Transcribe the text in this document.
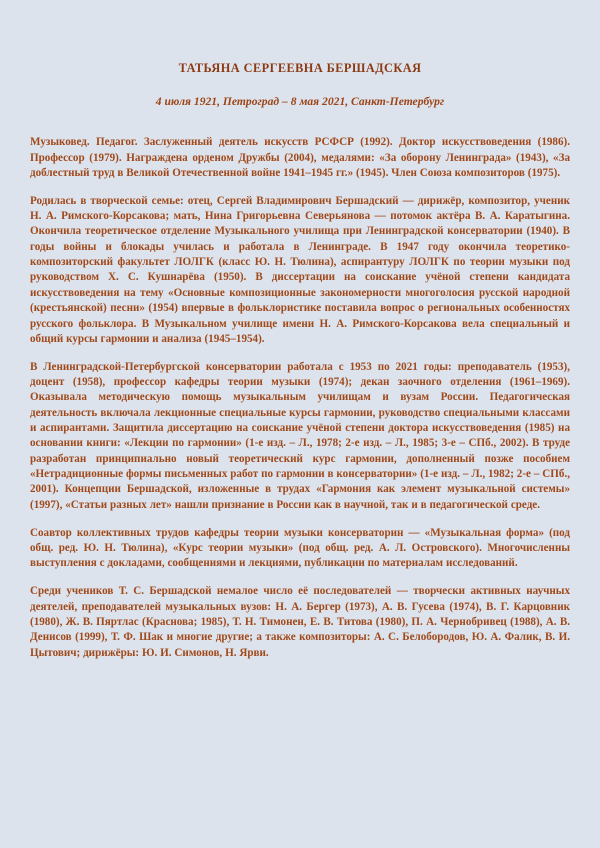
ТАТЬЯНА СЕРГЕЕВНА БЕРШАДСКАЯ
4 июля 1921, Петроград – 8 мая 2021, Санкт-Петербург

Музыковед. Педагог. Заслуженный деятель искусств РСФСР (1992). Доктор искусствоведения (1986). Профессор (1979). Награждена орденом Дружбы (2004), медалями: «За оборону Ленинграда» (1943), «За доблестный труд в Великой Отечественной войне 1941–1945 гг.» (1945). Член Союза композиторов (1975).

Родилась в творческой семье: отец, Сергей Владимирович Бершадский — дирижёр, композитор, ученик Н. А. Римского-Корсакова; мать, Нина Григорьевна Северьянова — потомок актёра В. А. Каратыгина. Окончила теоретическое отделение Музыкального училища при Ленинградской консерватории (1940). В годы войны и блокады училась и работала в Ленинграде. В 1947 году окончила теоретико-композиторский факультет ЛОЛГК (класс Ю. Н. Тюлина), аспирантуру ЛОЛГК по теории музыки под руководством Х. С. Кушнарёва (1950). В диссертации на соискание учёной степени кандидата искусствоведения на тему «Основные композиционные закономерности многоголосия русской народной (крестьянской) песни» (1954) впервые в фольклористике поставила вопрос о региональных особенностях русского фольклора. В Музыкальном училище имени Н. А. Римского-Корсакова вела специальный и общий курсы гармонии и анализа (1945–1954).

В Ленинградской-Петербургской консерватории работала с 1953 по 2021 годы: преподаватель (1953), доцент (1958), профессор кафедры теории музыки (1974); декан заочного отделения (1961–1969). Оказывала методическую помощь музыкальным училищам и вузам России. Педагогическая деятельность включала лекционные специальные курсы гармонии, руководство специальными классами и аспирантами. Защитила диссертацию на соискание учёной степени доктора искусствоведения (1985) на основании книги: «Лекции по гармонии» (1-е изд. – Л., 1978; 2-е изд. – Л., 1985; 3-е – СПб., 2002). В труде разработан принципиально новый теоретический курс гармонии, дополненный позже пособием «Нетрадиционные формы письменных работ по гармонии в консерватории» (1-е изд. – Л., 1982; 2-е – СПб., 2001). Концепции Бершадской, изложенные в трудах «Гармония как элемент музыкальной системы» (1997), «Статьи разных лет» нашли признание в России как в научной, так и в педагогической среде.

Соавтор коллективных трудов кафедры теории музыки консерваторин — «Музыкальная форма» (под общ. ред. Ю. Н. Тюлина), «Курс теории музыки» (под общ. ред. А. Л. Островского). Многочисленны выступления с докладами, сообщениями и лекциями, публикации по материалам исследований.

Среди учеников Т. С. Бершадской немалое число её последователей — творчески активных научных деятелей, преподавателей музыкальных вузов: Н. А. Бергер (1973), А. В. Гусева (1974), В. Г. Карцовник (1980), Ж. В. Пяртлас (Краснова; 1985), Т. Н. Тимонен, Е. В. Титова (1980), П. А. Чернобривец (1988), А. В. Денисов (1999), Т. Ф. Шак и многие другие; а также композиторы: А. С. Белобородов, Ю. А. Фалик, В. И. Цытович; дирижёры: Ю. И. Симонов, Н. Ярви.
